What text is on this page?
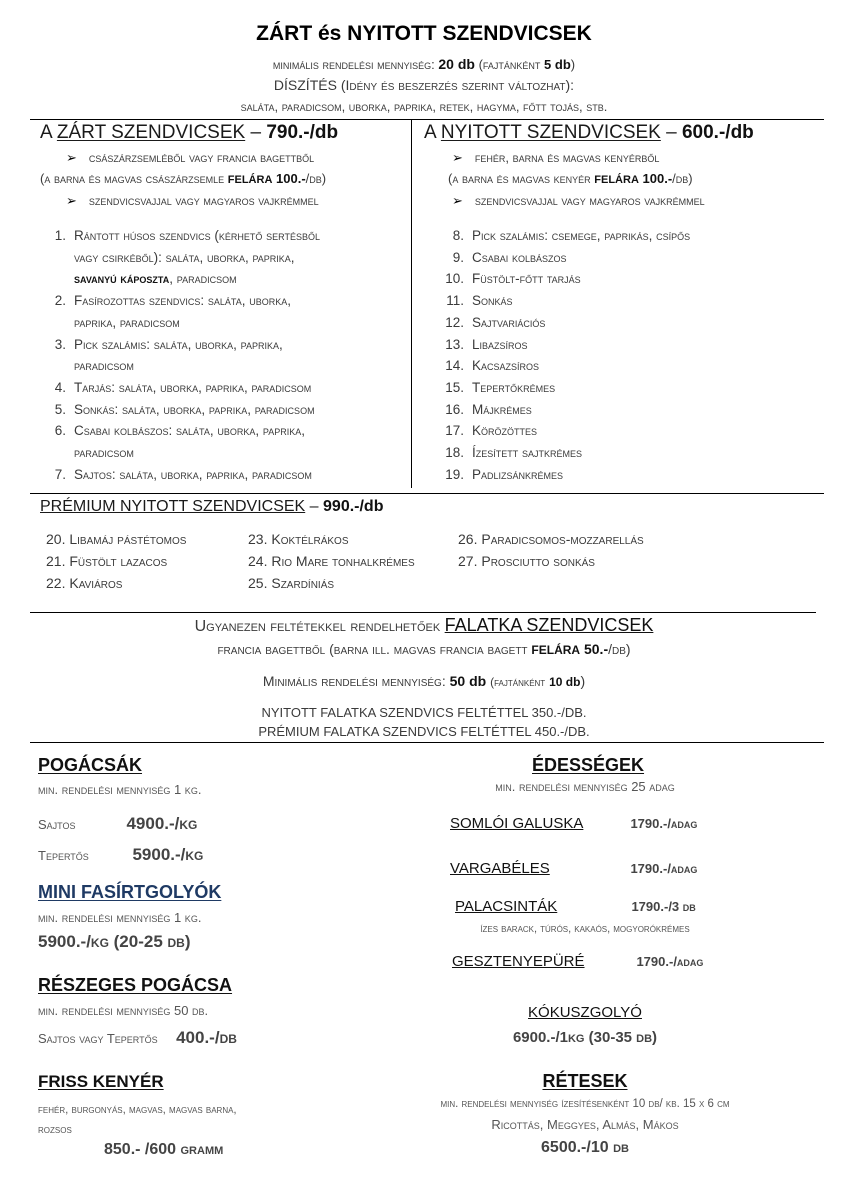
ZÁRT és NYITOTT SZENDVICSEK
minimális rendelési mennyiség: 20 db (fajtánként 5 db)
DÍSZÍTÉS (Idény és beszerzés szerint változhat):
saláta, paradicsom, uborka, paprika, retek, hagyma, főtt tojás, stb.
A ZÁRT SZENDVICSEK – 790.-/db
➢ császárzsemléből vagy francia bagettből
(a barna és magvas császárzsemle FELÁRA 100.-/db)
➢ szendvicsvajjal vagy magyaros vajkrémmel
1. Rántott húsos szendvics (kérhető sertésből
vagy csirkéből): saláta, uborka, paprika,
savanyú káposzta, paradicsom
2. Fasírozottas szendvics: saláta, uborka,
paprika, paradicsom
3. Pick szalámis: saláta, uborka, paprika,
paradicsom
4. Tarjás: saláta, uborka, paprika, paradicsom
5. Sonkás: saláta, uborka, paprika, paradicsom
6. Csabai kolbászos: saláta, uborka, paprika,
paradicsom
7. Sajtos: saláta, uborka, paprika, paradicsom
A NYITOTT SZENDVICSEK – 600.-/db
➢ fehér, barna és magvas kenyérből
(a barna és magvas kenyér FELÁRA 100.-/db)
➢ szendvicsvajjal vagy magyaros vajkrémmel
8. Pick szalámis: csemege, paprikás, csípős
9. Csabai kolbászos
10. Füstölt-főtt tarjás
11. Sonkás
12. Sajtvariációs
13. Libazsíros
14. Kacsazsíros
15. Tepertőkrémes
16. Májkrémes
17. Körözöttes
18. Ízesített sajtkrémes
19. Padlizsánkrémes
PRÉMIUM NYITOTT SZENDVICSEK – 990.-/db
20. Libamáj pástétomos
21. Füstölt lazacos
22. Kaviáros
23. Koktélrákos
24. Rio Mare tonhalkrémes
25. Szardíniás
26. Paradicsomos-mozzarellás
27. Prosciutto sonkás
Ugyanezen feltétekkel rendelhetőek FALATKA SZENDVICSEK
francia bagettből (barna ill. magvas francia bagett FELÁRA 50.-/db)
Minimális rendelési mennyiség: 50 db (fajtánként 10 db)
NYITOTT FALATKA SZENDVICS FELTÉTTEL 350.-/DB.
PRÉMIUM FALATKA SZENDVICS FELTÉTTEL 450.-/DB.
POGÁCSÁK
min. rendelési mennyiség 1 kg.
Sajtos	4900.-/kg
Tepertős	5900.-/kg
MINI FASÍRTGOLYÓK
min. rendelési mennyiség 1 kg.
5900.-/kg (20-25 db)
RÉSZEGES POGÁCSA
min. rendelési mennyiség 50 db.
Sajtos vagy Tepertős 400.-/db
FRISS KENYÉR
fehér, burgonyás, magvas, magvas barna,
rozsos
850.- /600 gramm
ÉDESSÉGEK
min. rendelési mennyiség 25 adag
SOMLÓI GALUSKA	1790.-/adag
VARGABÉLES	1790.-/adag
PALACSINTÁK	1790.-/3 db
ízes barack, túrós, kakaós, mogyorókrémes
GESZTENYEPÜRÉ	1790.-/adag
KÓKUSZGOLYÓ
6900.-/1kg (30-35 db)
RÉTESEK
min. rendelési mennyiség ízesítésenként 10 db/ kb. 15 x 6 cm
Ricottás, Meggyes, Almás, Mákos
6500.-/10 db
